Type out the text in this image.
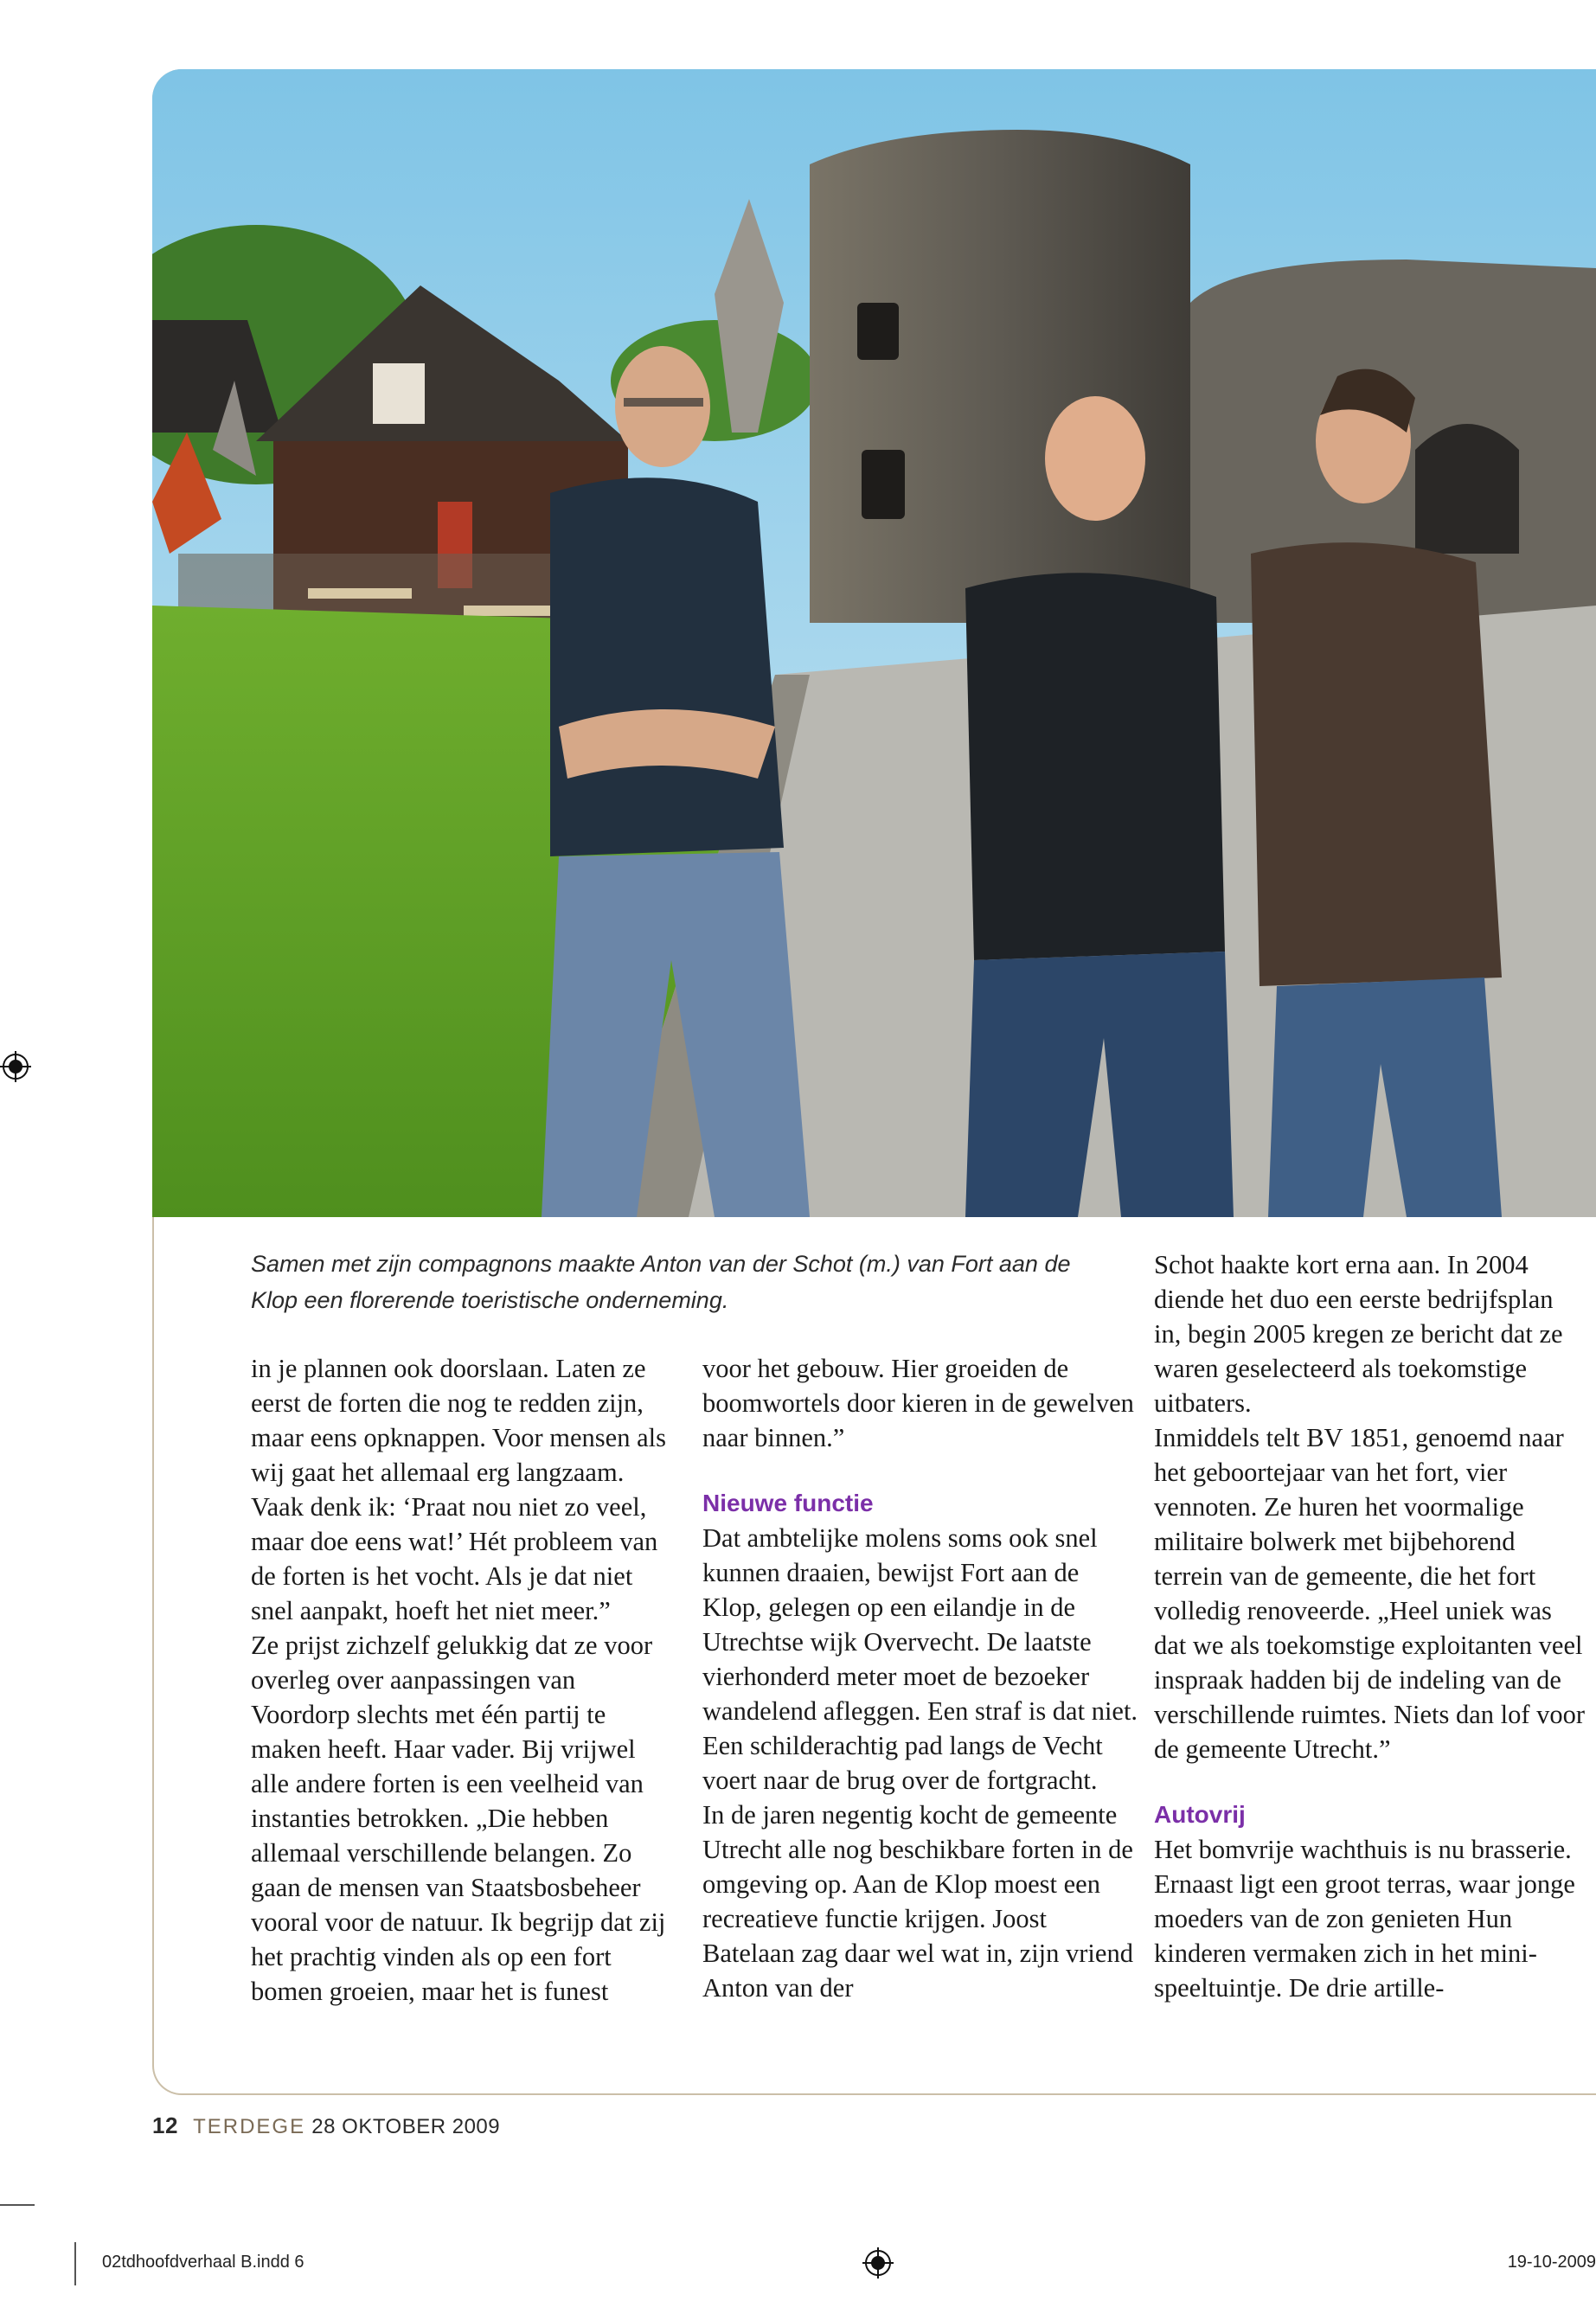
Samen met zijn compagnons maakte Anton van der Schot (m.) van Fort aan de Klop een florerende toeristische onderneming.

in je plannen ook doorslaan. Laten ze eerst de forten die nog te redden zijn, maar eens opknappen. Voor mensen als wij gaat het allemaal erg langzaam. Vaak denk ik: ‘Praat nou niet zo veel, maar doe eens wat!’ Hét probleem van de forten is het vocht. Als je dat niet snel aanpakt, hoeft het niet meer.”

Ze prijst zichzelf gelukkig dat ze voor overleg over aanpassingen van Voordorp slechts met één partij te maken heeft. Haar vader. Bij vrijwel alle andere forten is een veelheid van instanties betrokken. „Die hebben allemaal verschillende belangen. Zo gaan de mensen van Staatsbosbeheer vooral voor de natuur. Ik begrijp dat zij het prachtig vinden als op een fort bomen groeien, maar het is funest

voor het gebouw. Hier groeiden de boomwortels door kieren in de gewelven naar binnen.”

Nieuwe functie

Dat ambtelijke molens soms ook snel kunnen draaien, bewijst Fort aan de Klop, gelegen op een eilandje in de Utrechtse wijk Overvecht. De laatste vierhonderd meter moet de bezoeker wandelend afleggen. Een straf is dat niet. Een schilderachtig pad langs de Vecht voert naar de brug over de fortgracht.

In de jaren negentig kocht de gemeente Utrecht alle nog beschikbare forten in de omgeving op. Aan de Klop moest een recreatieve functie krijgen. Joost Batelaan zag daar wel wat in, zijn vriend Anton van der

Schot haakte kort erna aan. In 2004 diende het duo een eerste bedrijfsplan in, begin 2005 kregen ze bericht dat ze waren geselecteerd als toekomstige uitbaters.

Inmiddels telt BV 1851, genoemd naar het geboortejaar van het fort, vier vennoten. Ze huren het voormalige militaire bolwerk met bijbehorend terrein van de gemeente, die het fort volledig renoveerde. „Heel uniek was dat we als toekomstige exploitanten veel inspraak hadden bij de indeling van de verschillende ruimtes. Niets dan lof voor de gemeente Utrecht.”

Autovrij

Het bomvrije wachthuis is nu brasserie. Ernaast ligt een groot terras, waar jonge moeders van de zon genieten Hun kinderen vermaken zich in het mini-speeltuintje. De drie artille-

12 TERDEGE 28 OKTOBER 2009
02tdhoofdverhaal B.indd 6	19-10-2009
